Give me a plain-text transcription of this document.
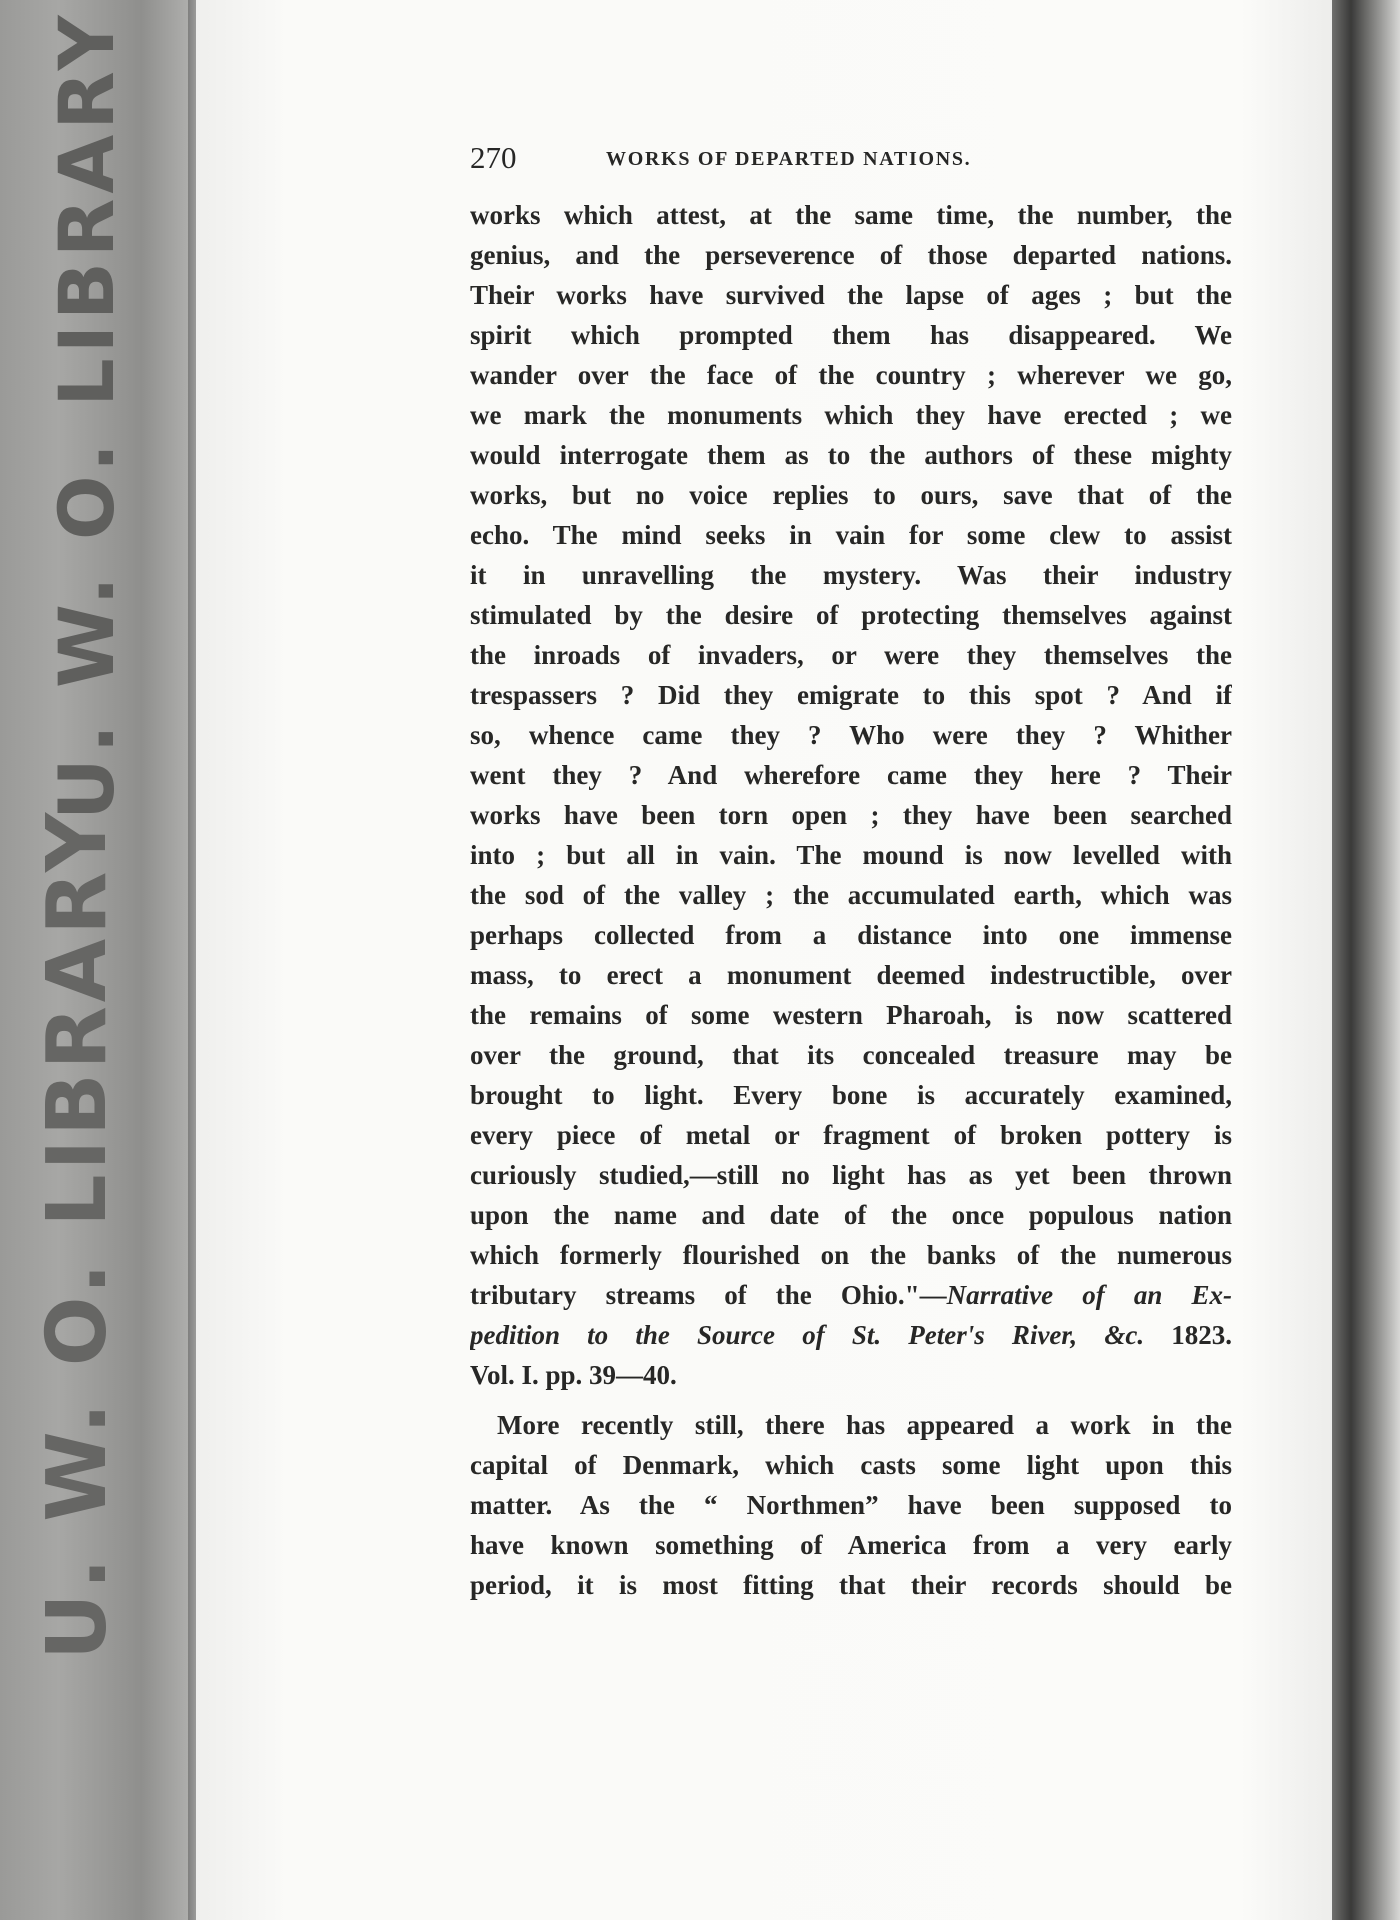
U. W. O. LIBRARY
U. W. O. LIBRARY
270	WORKS OF DEPARTED NATIONS.
works which attest, at the same time, the number, the
genius, and the perseverence of those departed nations.
Their works have survived the lapse of ages ; but the
spirit which prompted them has disappeared. We
wander over the face of the country ; wherever we go,
we mark the monuments which they have erected ; we
would interrogate them as to the authors of these mighty
works, but no voice replies to ours, save that of the
echo. The mind seeks in vain for some clew to assist
it in unravelling the mystery. Was their industry
stimulated by the desire of protecting themselves against
the inroads of invaders, or were they themselves the
trespassers ? Did they emigrate to this spot ? And if
so, whence came they ? Who were they ? Whither
went they ? And wherefore came they here ? Their
works have been torn open ; they have been searched
into ; but all in vain. The mound is now levelled with
the sod of the valley ; the accumulated earth, which was
perhaps collected from a distance into one immense
mass, to erect a monument deemed indestructible, over
the remains of some western Pharoah, is now scattered
over the ground, that its concealed treasure may be
brought to light. Every bone is accurately examined,
every piece of metal or fragment of broken pottery is
curiously studied,—still no light has as yet been thrown
upon the name and date of the once populous nation
which formerly flourished on the banks of the numerous
tributary streams of the Ohio."—Narrative of an Ex-
pedition to the Source of St. Peter's River, &c. 1823.
Vol. I. pp. 39—40.
More recently still, there has appeared a work in the
capital of Denmark, which casts some light upon this
matter. As the “ Northmen” have been supposed to
have known something of America from a very early
period, it is most fitting that their records should be
